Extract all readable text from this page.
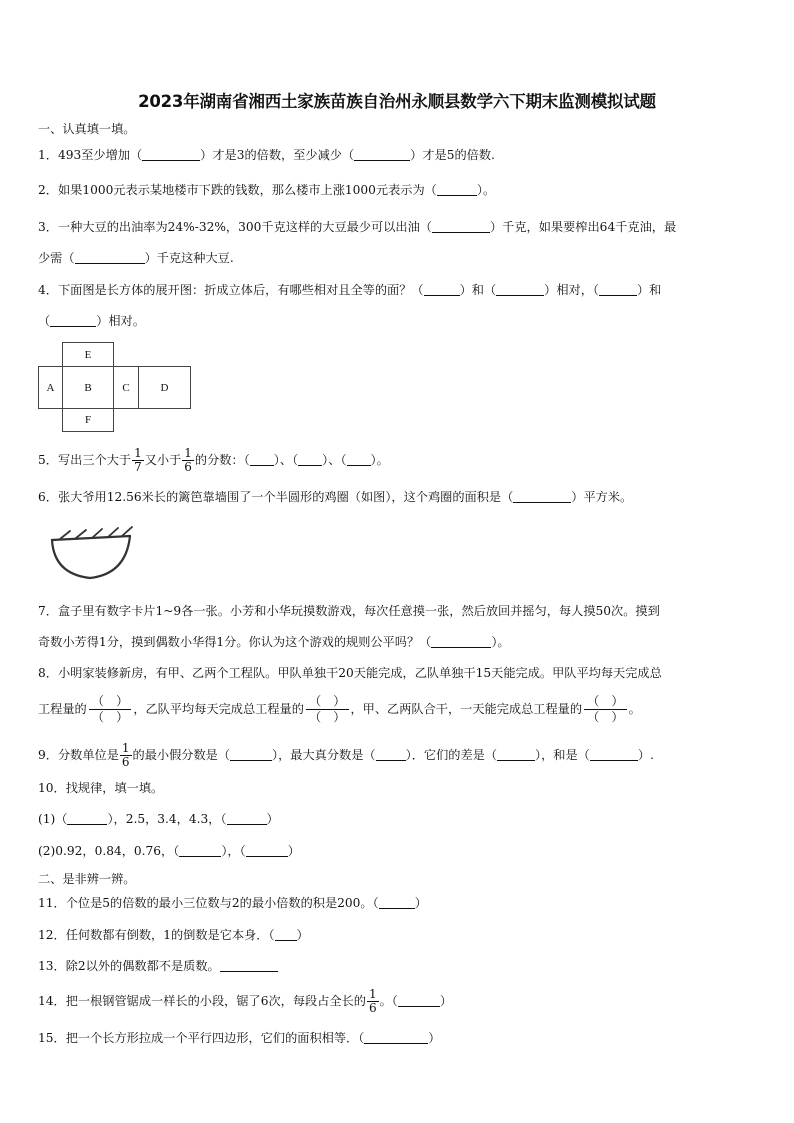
2023年湖南省湘西土家族苗族自治州永顺县数学六下期末监测模拟试题
一、认真填一填。
1．493至少增加（	）才是3的倍数，至少减少（	）才是5的倍数.
2．如果1000元表示某地楼市下跌的钱数，那么楼市上涨1000元表示为（	）。
3．一种大豆的出油率为24%-32%，300千克这样的大豆最少可以出油（	）千克，如果要榨出64千克油，最
少需（	）千克这种大豆.
4．下面图是长方体的展开图：折成立体后，有哪些相对且全等的面？（	）和（	）相对，（	）和
（	）相对。
E
A	B	C	D
F
5．写出三个大于 $\frac{1}{7}$ 又小于 $\frac{1}{6}$ 的分数：（ ）、（ ）、（ ）。
6．张大爷用12.56米长的篱笆靠墙围了一个半圆形的鸡圈（如图），这个鸡圈的面积是（	）平方米。
7．盒子里有数字卡片1~9各一张。小芳和小华玩摸数游戏，每次任意摸一张，然后放回并摇匀，每人摸50次。摸到
奇数小芳得1分，摸到偶数小华得1分。你认为这个游戏的规则公平吗？（	）。
8．小明家装修新房，有甲、乙两个工程队。甲队单独干20天能完成，乙队单独干15天能完成。甲队平均每天完成总
工程量的
（　）
（　）
，乙队平均每天完成总工程量的
（　）
（　）
，甲、乙两队合干，一天能完成总工程量的
（　）
（　）
。
9．分数单位是 $\frac{1}{6}$ 的最小假分数是（	），最大真分数是（ ）．它们的差是（	），和是（	）.
10．找规律，填一填。
(1)（	），2.5，3.4，4.3，（	）
(2)0.92，0.84，0.76，（	），（	）
二、是非辨一辨。
11．个位是5的倍数的最小三位数与2的最小倍数的积是200。（	）
12．任何数都有倒数，1的倒数是它本身．（ ）
13．除2以外的偶数都不是质数。
14．把一根钢管锯成一样长的小段，锯了6次，每段占全长的 $\frac{1}{6}$ 。（	）
15．把一个长方形拉成一个平行四边形，它们的面积相等．（	）
